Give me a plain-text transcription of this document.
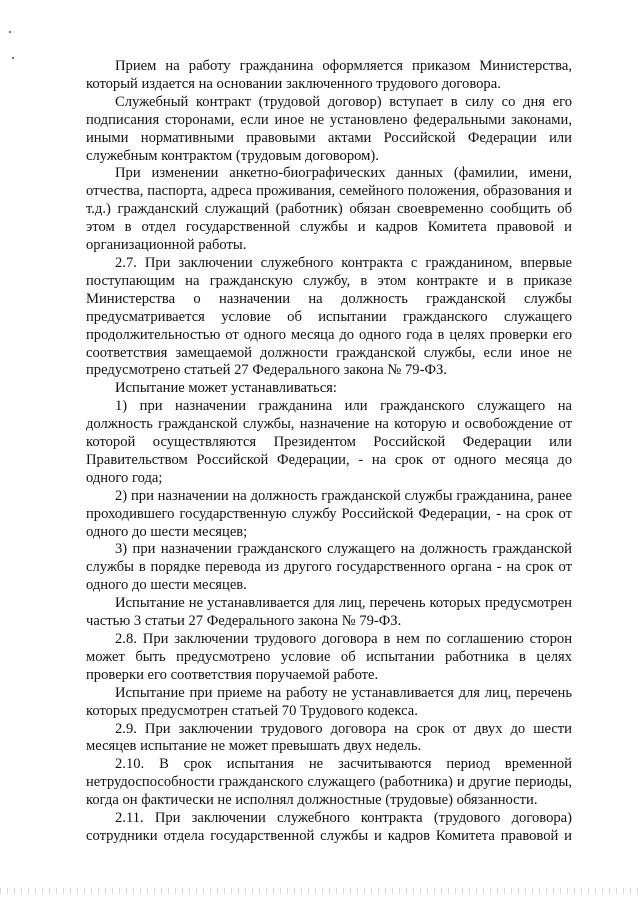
Прием на работу гражданина оформляется приказом Министерства, который издается на основании заключенного трудового договора.

Служебный контракт (трудовой договор) вступает в силу со дня его подписания сторонами, если иное не установлено федеральными законами, иными нормативными правовыми актами Российской Федерации или служебным контрактом (трудовым договором).

При изменении анкетно-биографических данных (фамилии, имени, отчества, паспорта, адреса проживания, семейного положения, образования и т.д.) гражданский служащий (работник) обязан своевременно сообщить об этом в отдел государственной службы и кадров Комитета правовой и организационной работы.

2.7. При заключении служебного контракта с гражданином, впервые поступающим на гражданскую службу, в этом контракте и в приказе Министерства о назначении на должность гражданской службы предусматривается условие об испытании гражданского служащего продолжительностью от одного месяца до одного года в целях проверки его соответствия замещаемой должности гражданской службы, если иное не предусмотрено статьей 27 Федерального закона № 79-ФЗ.

Испытание может устанавливаться:

1) при назначении гражданина или гражданского служащего на должность гражданской службы, назначение на которую и освобождение от которой осуществляются Президентом Российской Федерации или Правительством Российской Федерации, - на срок от одного месяца до одного года;

2) при назначении на должность гражданской службы гражданина, ранее проходившего государственную службу Российской Федерации, - на срок от одного до шести месяцев;

3) при назначении гражданского служащего на должность гражданской службы в порядке перевода из другого государственного органа - на срок от одного до шести месяцев.

Испытание не устанавливается для лиц, перечень которых предусмотрен частью 3 статьи 27 Федерального закона № 79-ФЗ.

2.8. При заключении трудового договора в нем по соглашению сторон может быть предусмотрено условие об испытании работника в целях проверки его соответствия поручаемой работе.

Испытание при приеме на работу не устанавливается для лиц, перечень которых предусмотрен статьей 70 Трудового кодекса.

2.9. При заключении трудового договора на срок от двух до шести месяцев испытание не может превышать двух недель.

2.10. В срок испытания не засчитываются период временной нетрудоспособности гражданского служащего (работника) и другие периоды, когда он фактически не исполнял должностные (трудовые) обязанности.

2.11. При заключении служебного контракта (трудового договора) сотрудники отдела государственной службы и кадров Комитета правовой и
